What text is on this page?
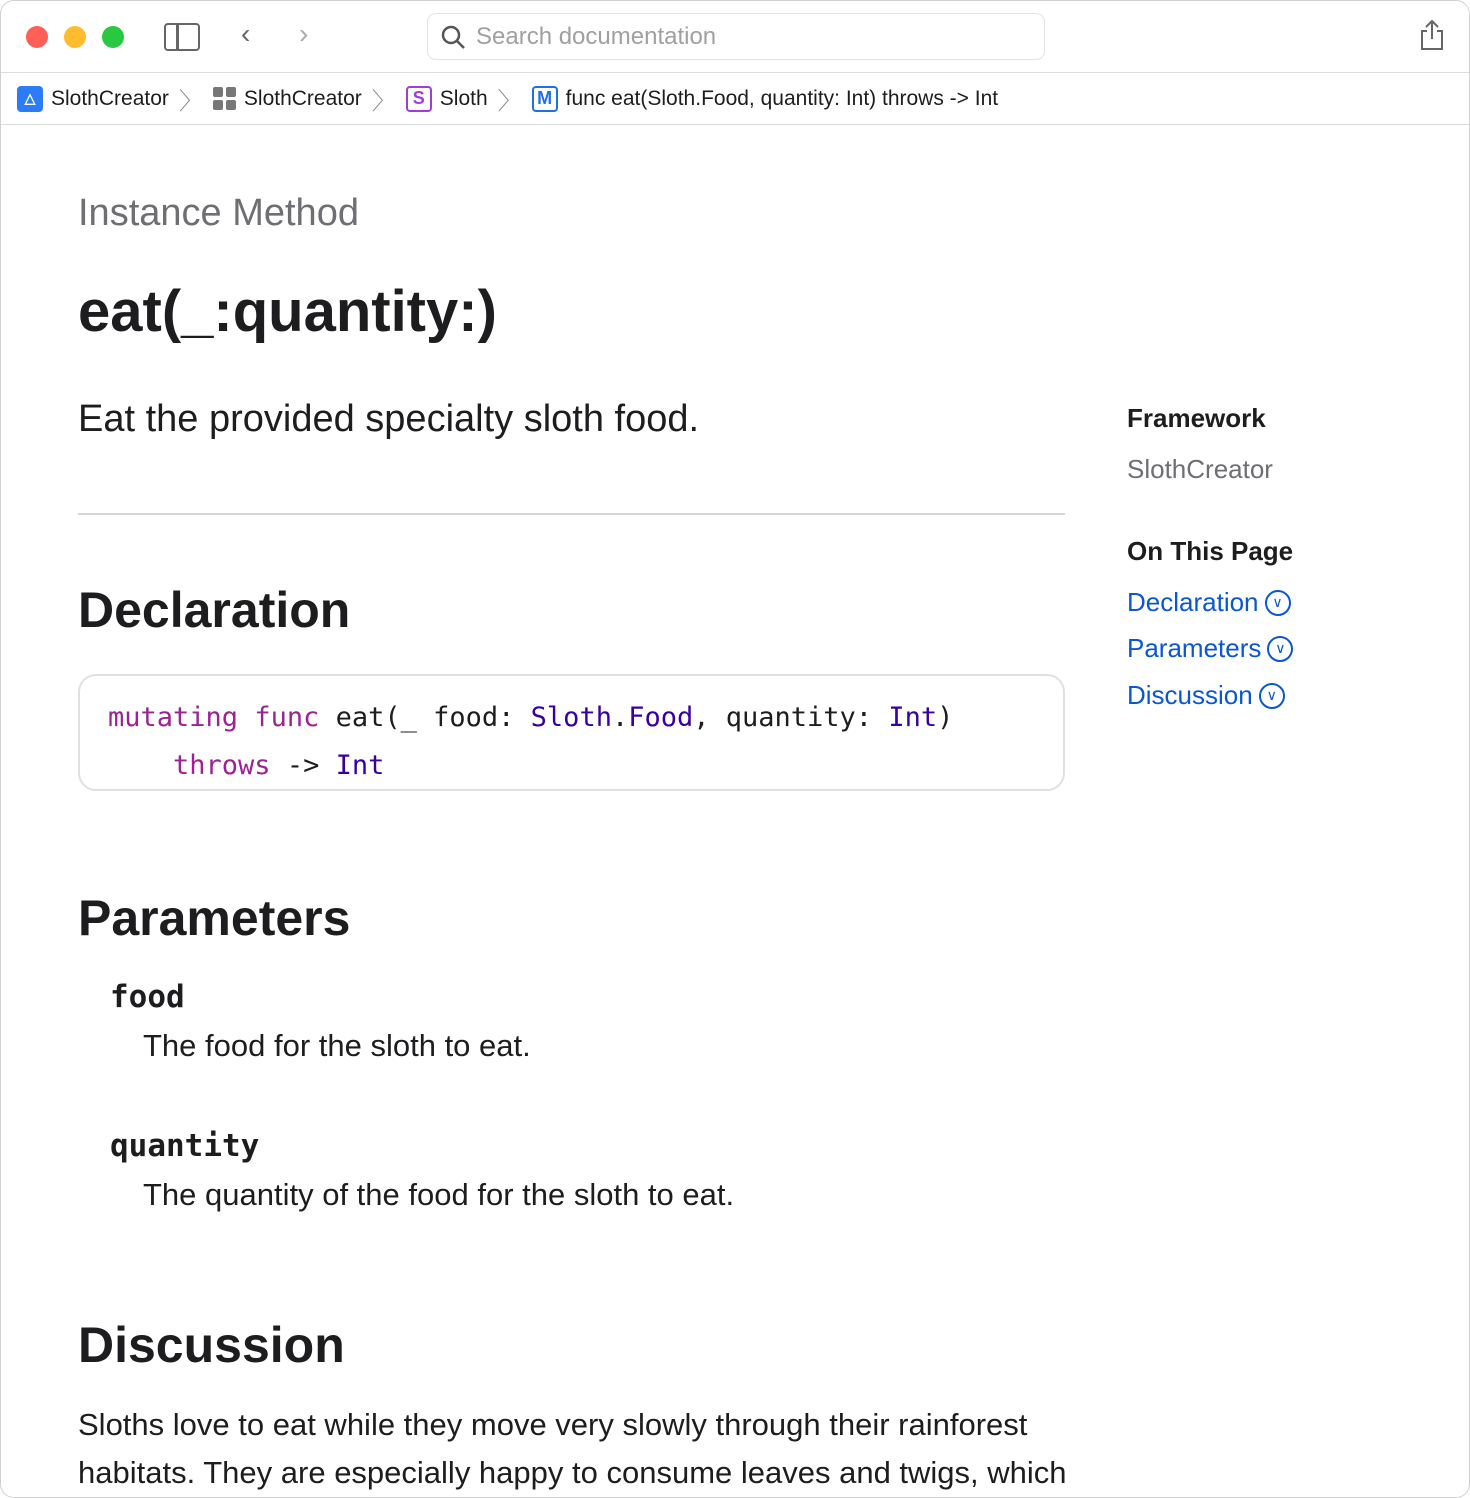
‹ ›	Search documentation
△ SlothCreator 〉 SlothCreator 〉 S Sloth 〉 M func eat(Sloth.Food, quantity: Int) throws -> Int
Instance Method
eat(_:quantity:)
Eat the provided specialty sloth food.
Declaration
mutating func eat(_ food: Sloth.Food, quantity: Int)
throws -> Int
Parameters
food
The food for the sloth to eat.
quantity
The quantity of the food for the sloth to eat.
Discussion
Sloths love to eat while they move very slowly through their rainforest habitats. They are especially happy to consume leaves and twigs, which
Framework
SlothCreator
On This Page
Declaration ∨
Parameters ∨
Discussion ∨
